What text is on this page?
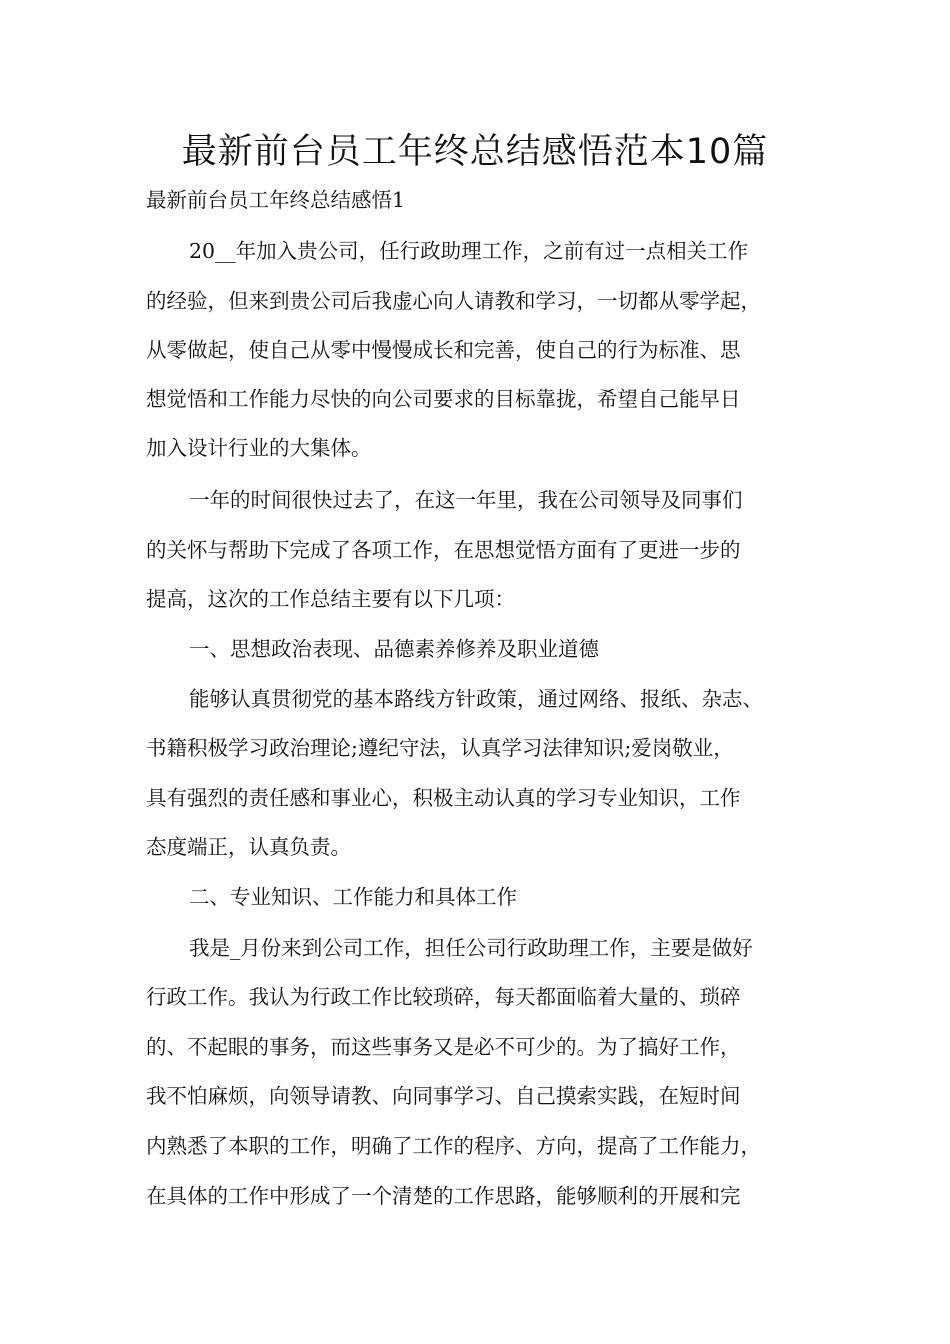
最新前台员工年终总结感悟范本10篇

最新前台员工年终总结感悟1

20__年加入贵公司，任行政助理工作，之前有过一点相关工作

的经验，但来到贵公司后我虚心向人请教和学习，一切都从零学起，

从零做起，使自己从零中慢慢成长和完善，使自己的行为标准、思

想觉悟和工作能力尽快的向公司要求的目标靠拢，希望自己能早日

加入设计行业的大集体。

一年的时间很快过去了，在这一年里，我在公司领导及同事们

的关怀与帮助下完成了各项工作，在思想觉悟方面有了更进一步的

提高，这次的工作总结主要有以下几项：

一、思想政治表现、品德素养修养及职业道德

能够认真贯彻党的基本路线方针政策，通过网络、报纸、杂志、

书籍积极学习政治理论;遵纪守法，认真学习法律知识;爱岗敬业，

具有强烈的责任感和事业心，积极主动认真的学习专业知识，工作

态度端正，认真负责。

二、专业知识、工作能力和具体工作

我是_月份来到公司工作，担任公司行政助理工作，主要是做好

行政工作。我认为行政工作比较琐碎，每天都面临着大量的、琐碎

的、不起眼的事务，而这些事务又是必不可少的。为了搞好工作，

我不怕麻烦，向领导请教、向同事学习、自己摸索实践，在短时间

内熟悉了本职的工作，明确了工作的程序、方向，提高了工作能力，

在具体的工作中形成了一个清楚的工作思路，能够顺利的开展和完
